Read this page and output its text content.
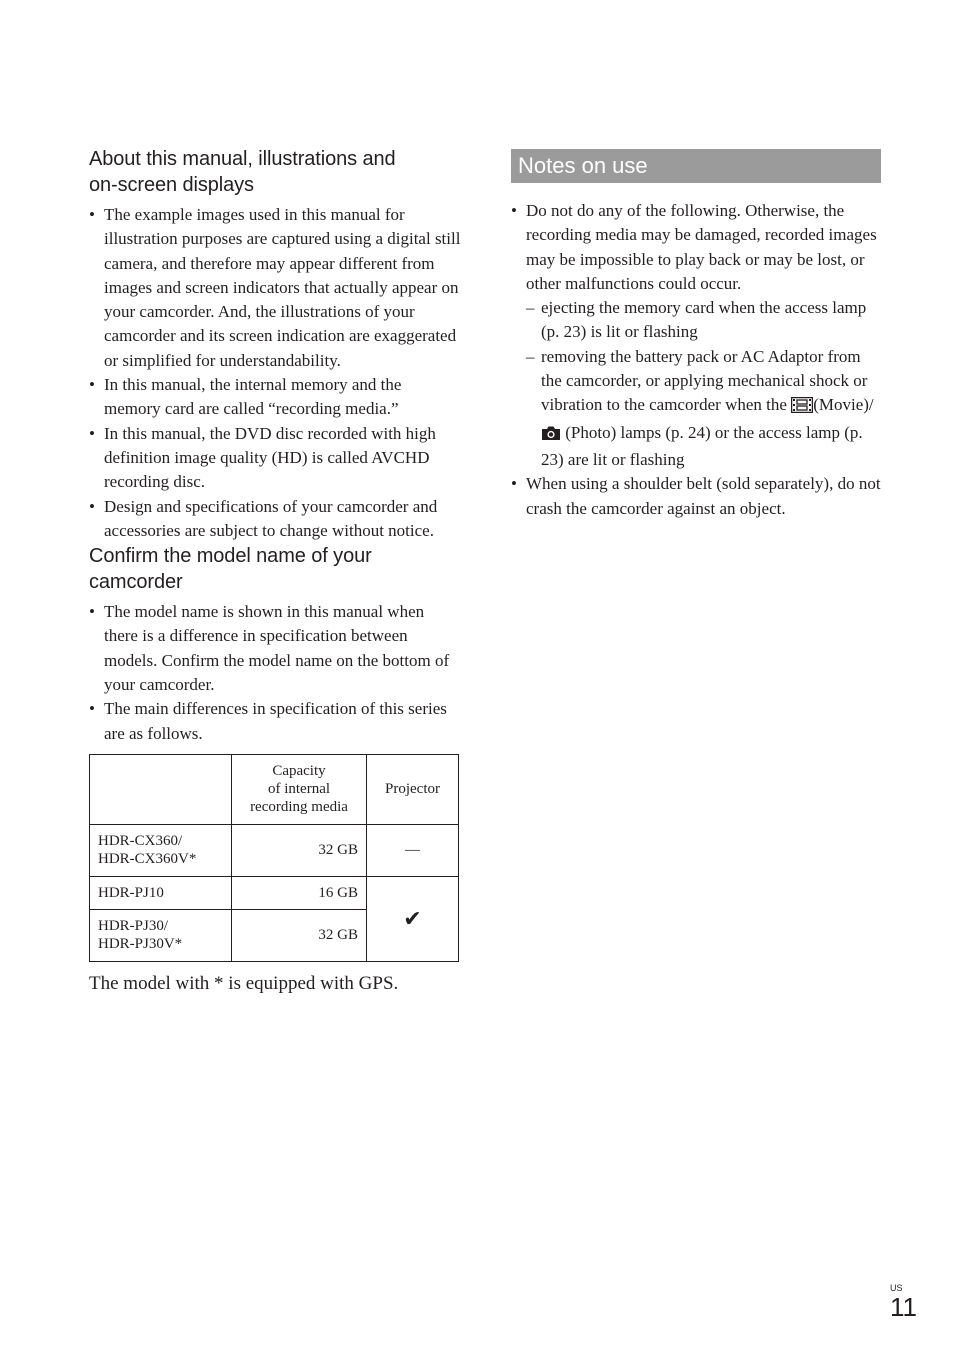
About this manual, illustrations and
on-screen displays
• The example images used in this manual for illustration purposes are captured using a digital still camera, and therefore may appear different from images and screen indicators that actually appear on your camcorder. And, the illustrations of your camcorder and its screen indication are exaggerated or simplified for understandability.
• In this manual, the internal memory and the memory card are called “recording media.”
• In this manual, the DVD disc recorded with high definition image quality (HD) is called AVCHD recording disc.
• Design and specifications of your camcorder and accessories are subject to change without notice.
Confirm the model name of your
camcorder
• The model name is shown in this manual when there is a difference in specification between models. Confirm the model name on the bottom of your camcorder.
• The main differences in specification of this series are as follows.
	Capacity
of internal
recording media	Projector
HDR-CX360/
HDR-CX360V*	32 GB	—
HDR-PJ10	16 GB	✔
HDR-PJ30/
HDR-PJ30V*	32 GB	
The model with * is equipped with GPS.
Notes on use
• Do not do any of the following. Otherwise, the recording media may be damaged, recorded images may be impossible to play back or may be lost, or other malfunctions could occur.
– ejecting the memory card when the access lamp (p. 23) is lit or flashing
– removing the battery pack or AC Adaptor from the camcorder, or applying mechanical shock or vibration to the camcorder when the (Movie)/ (Photo) lamps (p. 24) or the access lamp (p. 23) are lit or flashing
• When using a shoulder belt (sold separately), do not crash the camcorder against an object.
US
11
